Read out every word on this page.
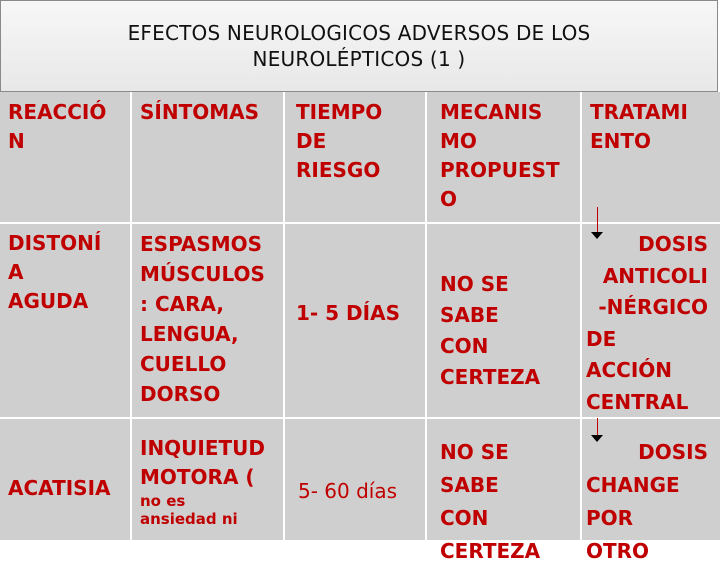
EFECTOS NEUROLOGICOS ADVERSOS DE LOS
NEUROLÉPTICOS (1 )
REACCIÓ
N
SÍNTOMAS TIEMPO
DE
RIESGO
MECANIS
MO
PROPUEST
O
TRATAMI
ENTO
DISTONÍ
A
AGUDA
ESPASMOS
MÚSCULOS
: CARA,
LENGUA,
CUELLO
DORSO
1- 5 DÍAS
NO SE
SABE
CON
CERTEZA
DOSIS
ANTICOLI
-NÉRGICO
DE
ACCIÓN
CENTRAL
ACATISIA
INQUIETUD
MOTORA (
no es
ansiedad ni
5- 60 días
NO SE
SABE
CON
CERTEZA
DOSIS
CHANGE
POR
OTRO
